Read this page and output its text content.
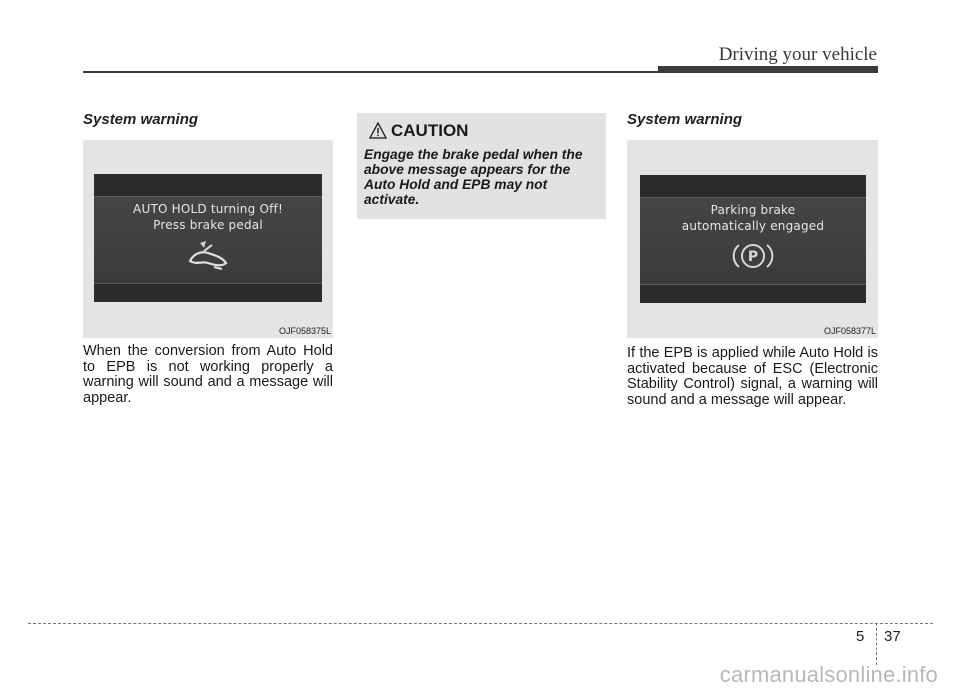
Driving your vehicle
System warning
AUTO HOLD turning Off!
Press brake pedal
OJF058375L
When the conversion from Auto Hold to EPB is not working properly a warning will sound and a message will appear.
CAUTION
Engage the brake pedal when the above message appears for the Auto Hold and EPB may not activate.
System warning
Parking brake
automatically engaged
P
OJF058377L
If the EPB is applied while Auto Hold is activated because of ESC (Electronic Stability Control) signal, a warning will sound and a message will appear.
5 37
carmanualsonline.info
